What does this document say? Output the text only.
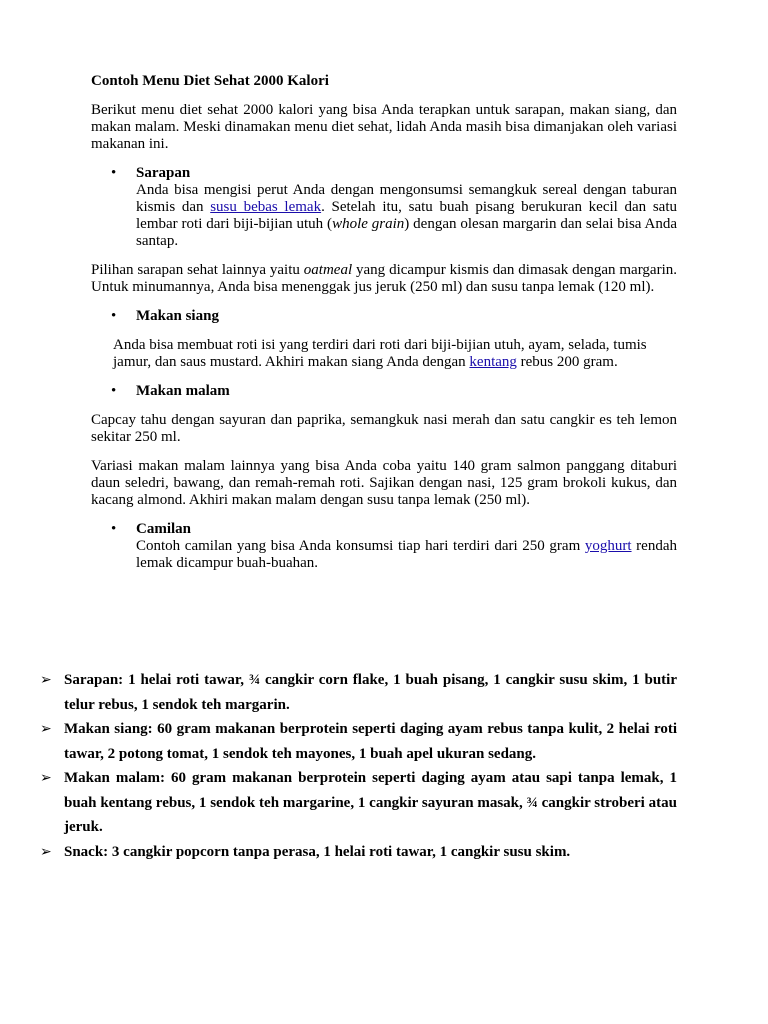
Contoh Menu Diet Sehat 2000 Kalori

Berikut menu diet sehat 2000 kalori yang bisa Anda terapkan untuk sarapan, makan siang, dan makan malam. Meski dinamakan menu diet sehat, lidah Anda masih bisa dimanjakan oleh variasi makanan ini.

• Sarapan

Anda bisa mengisi perut Anda dengan mengonsumsi semangkuk sereal dengan taburan kismis dan susu bebas lemak. Setelah itu, satu buah pisang berukuran kecil dan satu lembar roti dari biji-bijian utuh (whole grain) dengan olesan margarin dan selai bisa Anda santap.

Pilihan sarapan sehat lainnya yaitu oatmeal yang dicampur kismis dan dimasak dengan margarin. Untuk minumannya, Anda bisa menenggak jus jeruk (250 ml) dan susu tanpa lemak (120 ml).

• Makan siang

Anda bisa membuat roti isi yang terdiri dari roti dari biji-bijian utuh, ayam, selada, tumis jamur, dan saus mustard. Akhiri makan siang Anda dengan kentang rebus 200 gram.

• Makan malam

Capcay tahu dengan sayuran dan paprika, semangkuk nasi merah dan satu cangkir es teh lemon sekitar 250 ml.

Variasi makan malam lainnya yang bisa Anda coba yaitu 140 gram salmon panggang ditaburi daun seledri, bawang, dan remah-remah roti. Sajikan dengan nasi, 125 gram brokoli kukus, dan kacang almond. Akhiri makan malam dengan susu tanpa lemak (250 ml).

• Camilan

Contoh camilan yang bisa Anda konsumsi tiap hari terdiri dari 250 gram yoghurt rendah lemak dicampur buah-buahan.

➢ Sarapan: 1 helai roti tawar, ¾ cangkir corn flake, 1 buah pisang, 1 cangkir susu skim, 1 butir telur rebus, 1 sendok teh margarin.
➢ Makan siang: 60 gram makanan berprotein seperti daging ayam rebus tanpa kulit, 2 helai roti tawar, 2 potong tomat, 1 sendok teh mayones, 1 buah apel ukuran sedang.
➢ Makan malam: 60 gram makanan berprotein seperti daging ayam atau sapi tanpa lemak, 1 buah kentang rebus, 1 sendok teh margarine, 1 cangkir sayuran masak, ¾ cangkir stroberi atau jeruk.
➢ Snack: 3 cangkir popcorn tanpa perasa, 1 helai roti tawar, 1 cangkir susu skim.
